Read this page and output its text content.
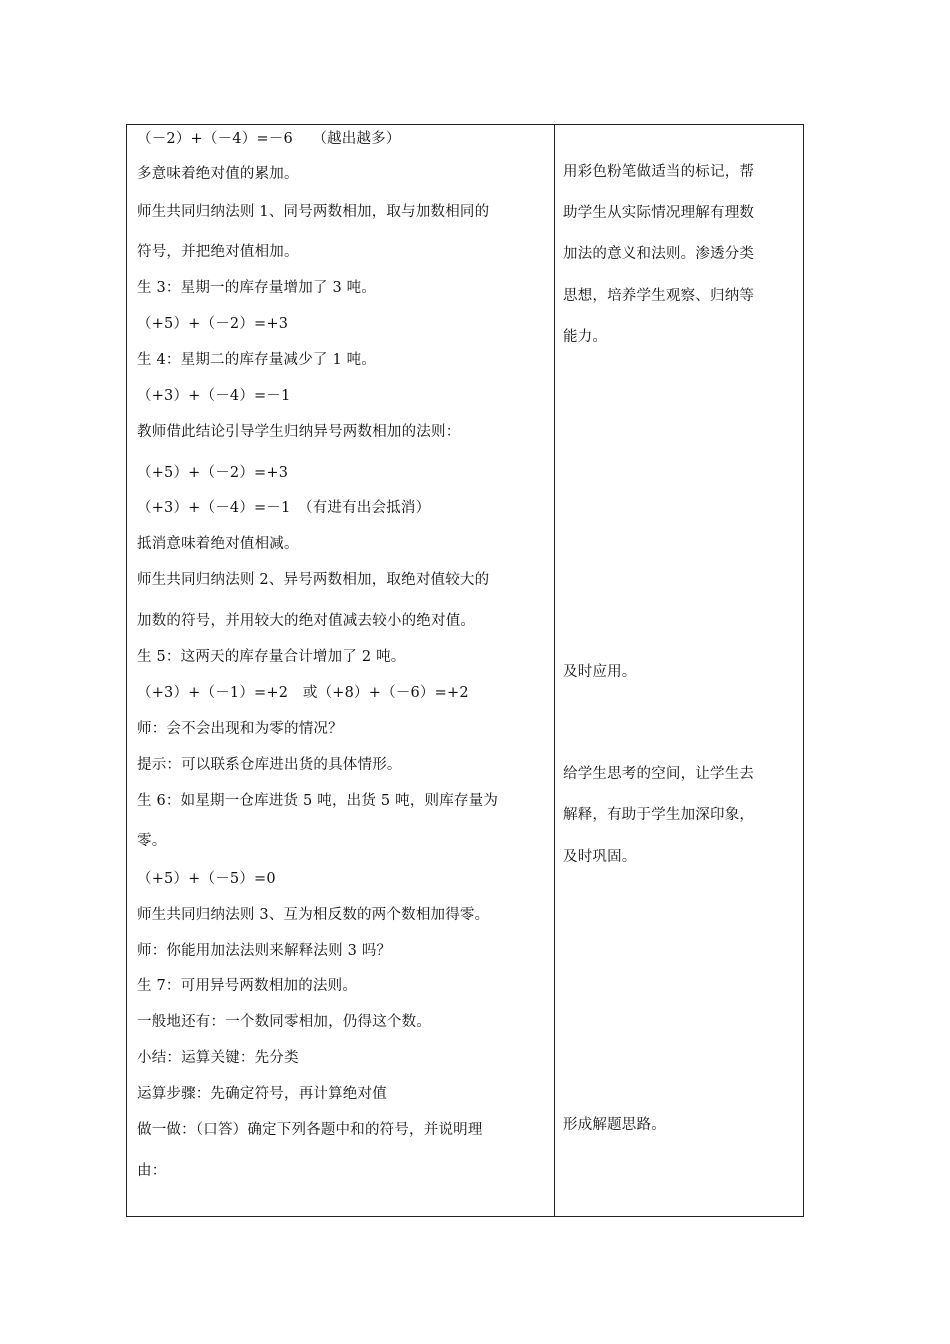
（－2）+（－4）=－6　 （越出越多）
多意味着绝对值的累加。
师生共同归纳法则 1、同号两数相加，取与加数相同的
符号，并把绝对值相加。
生 3：星期一的库存量增加了 3 吨。
（+5）+（－2）=+3
生 4：星期二的库存量减少了 1 吨。
（+3）+（－4）=－1
教师借此结论引导学生归纳异号两数相加的法则：
（+5）+（－2）=+3
（+3）+（－4）=－1　（有进有出会抵消）
抵消意味着绝对值相减。
师生共同归纳法则 2、异号两数相加，取绝对值较大的
加数的符号，并用较大的绝对值减去较小的绝对值。
生 5：这两天的库存量合计增加了 2 吨。
（+3）+（－1）=+2　或（+8）+（－6）=+2
师：会不会出现和为零的情况？
提示：可以联系仓库进出货的具体情形。
生 6：如星期一仓库进货 5 吨，出货 5 吨，则库存量为
零。
（+5）+（－5）=0
师生共同归纳法则 3、互为相反数的两个数相加得零。
师：你能用加法法则来解释法则 3 吗？
生 7：可用异号两数相加的法则。
一般地还有：一个数同零相加，仍得这个数。
小结：运算关键：先分类
运算步骤：先确定符号，再计算绝对值
做一做：（口答）确定下列各题中和的符号，并说明理
由：
用彩色粉笔做适当的标记，帮
助学生从实际情况理解有理数
加法的意义和法则。渗透分类
思想，培养学生观察、归纳等
能力。
及时应用。
给学生思考的空间，让学生去
解释，有助于学生加深印象，
及时巩固。
形成解题思路。
